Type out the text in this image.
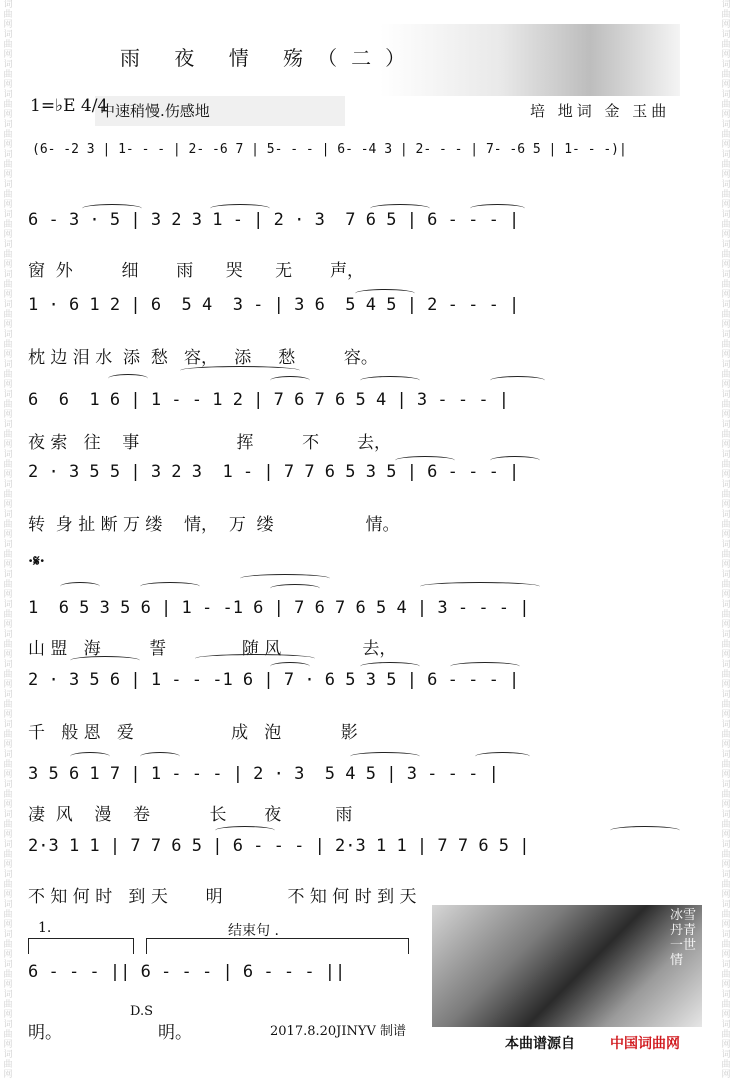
词曲网 词曲网 词曲网 词曲网 词曲网 词曲网 词曲网 词曲网 词曲网 词曲网 词曲网 词曲网 词曲网 词曲网 词曲网 词曲网 词曲网 词曲网 词曲网 词曲网 词曲网 词曲网 词曲网 词曲网 词曲网 词曲网 词曲网 词曲网 词曲网 词曲网 词曲网 词曲网 词曲网 词曲网 词曲网 词曲网
词曲网 词曲网 词曲网 词曲网 词曲网 词曲网 词曲网 词曲网 词曲网 词曲网 词曲网 词曲网 词曲网 词曲网 词曲网 词曲网 词曲网 词曲网 词曲网 词曲网 词曲网 词曲网 词曲网 词曲网 词曲网 词曲网 词曲网 词曲网 词曲网 词曲网 词曲网 词曲网 词曲网 词曲网 词曲网 词曲网
雨 夜 情 殇（二）
1=♭E 4/4
中速稍慢.伤感地	培 地词 金 玉曲
(6- -2 3 | 1- - - | 2- -6 7 | 5- - - | 6- -4 3 | 2- - - | 7- -6 5 | 1- - -)|
6 - 3 · 5 | 3 2 3 1 - | 2 · 3  7 6 5 | 6 - - - |
窗  外         细       雨      哭      无       声，
1 · 6 1 2 | 6  5 4  3 - | 3 6  5 4 5 | 2 - - - |
枕 边 泪 水  添  愁   容，   添     愁         容。
6  6  1 6 | 1 - - 1 2 | 7 6 7 6 5 4 | 3 - - - |
夜 索   往    事                  挥         不       去，
2 · 3 5 5 | 3 2 3  1 - | 7 7 6 5 3 5 | 6 - - - |
转  身 扯 断 万 缕    情，  万  缕                 情。
·𝄋·
1  6 5 3 5 6 | 1 - -1 6 | 7 6 7 6 5 4 | 3 - - - |
山 盟   海         誓              随 风               去，
2 · 3 5 6 | 1 - - -1 6 | 7 · 6 5 3 5 | 6 - - - |
千   般 恩   爱                  成   泡           影
3 5 6 1 7 | 1 - - - | 2 · 3  5 4 5 | 3 - - - |
凄  风    漫    卷           长       夜          雨
2·3 1 1 | 7 7 6 5 | 6 - - - | 2·3 1 1 | 7 7 6 5 |
不 知 何 时   到 天       明            不 知 何 时 到 天
1.	结束句 .
6 - - - || 6 - - - | 6 - - - ||
明。
D.S
明。	2017.8.20JINYV 制谱
冰雪丹青一世情
本曲谱源自	中国词曲网
